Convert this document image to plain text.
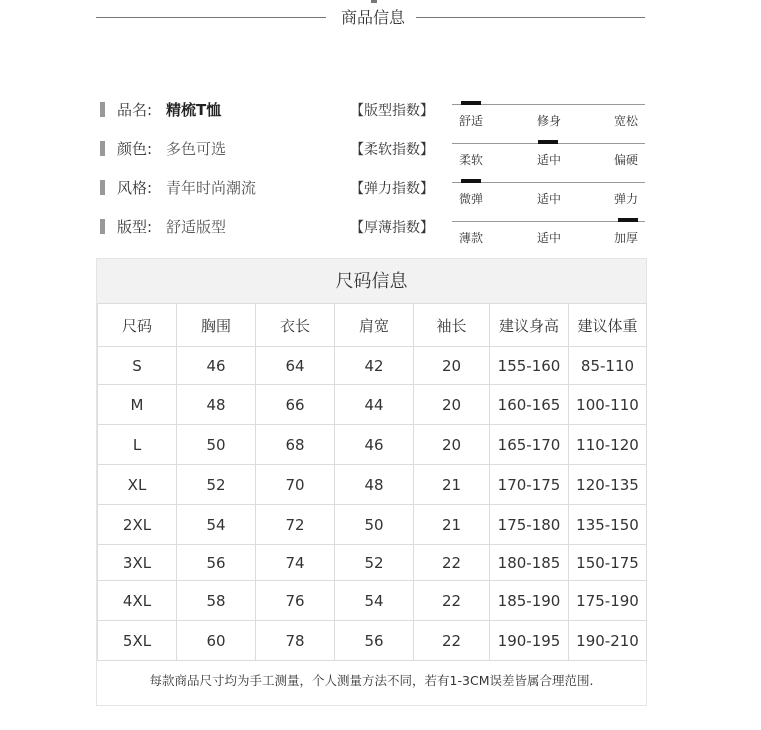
商品信息
品名: 精梳T恤
颜色: 多色可选
风格: 青年时尚潮流
版型: 舒适版型
【版型指数】
【柔软指数】
【弹力指数】
【厚薄指数】
舒适	修身	宽松
柔软	适中	偏硬
微弹	适中	弹力
薄款	适中	加厚
尺码信息
尺码	胸围	衣长	肩宽	袖长	建议身高	建议体重
S	46	64	42	20	155-160	85-110
M	48	66	44	20	160-165	100-110
L	50	68	46	20	165-170	110-120
XL	52	70	48	21	170-175	120-135
2XL	54	72	50	21	175-180	135-150
3XL	56	74	52	22	180-185	150-175
4XL	58	76	54	22	185-190	175-190
5XL	60	78	56	22	190-195	190-210
每款商品尺寸均为手工测量，个人测量方法不同，若有1-3CM误差皆属合理范围.
